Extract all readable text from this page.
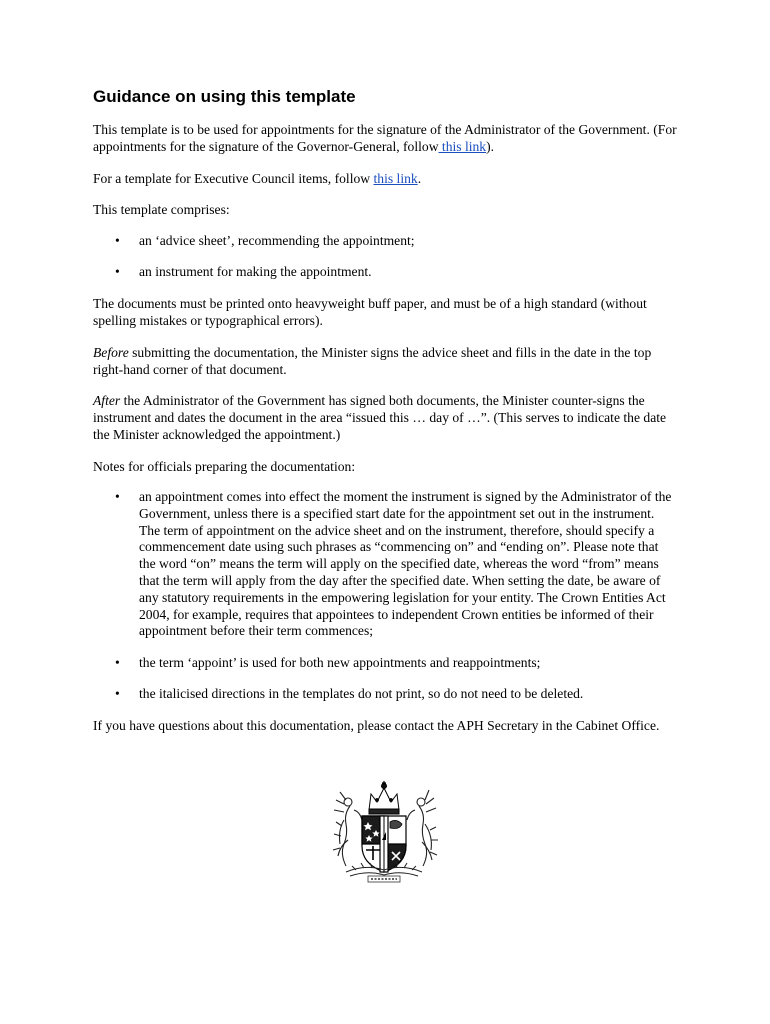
Guidance on using this template

This template is to be used for appointments for the signature of the Administrator of the Government. (For appointments for the signature of the Governor-General, follow this link).

For a template for Executive Council items, follow this link.

This template comprises:

• an ‘advice sheet’, recommending the appointment;
• an instrument for making the appointment.

The documents must be printed onto heavyweight buff paper, and must be of a high standard (without spelling mistakes or typographical errors).

Before submitting the documentation, the Minister signs the advice sheet and fills in the date in the top right-hand corner of that document.

After the Administrator of the Government has signed both documents, the Minister counter-signs the instrument and dates the document in the area “issued this … day of …”. (This serves to indicate the date the Minister acknowledged the appointment.)

Notes for officials preparing the documentation:

• an appointment comes into effect the moment the instrument is signed by the Administrator of the Government, unless there is a specified start date for the appointment set out in the instrument. The term of appointment on the advice sheet and on the instrument, therefore, should specify a commencement date using such phrases as “commencing on” and “ending on”. Please note that the word “on” means the term will apply on the specified date, whereas the word “from” means that the term will apply from the day after the specified date. When setting the date, be aware of any statutory requirements in the empowering legislation for your entity. The Crown Entities Act 2004, for example, requires that appointees to independent Crown entities be informed of their appointment before their term commences;
• the term ‘appoint’ is used for both new appointments and reappointments;
• the italicised directions in the templates do not print, so do not need to be deleted.

If you have questions about this documentation, please contact the APH Secretary in the Cabinet Office.
